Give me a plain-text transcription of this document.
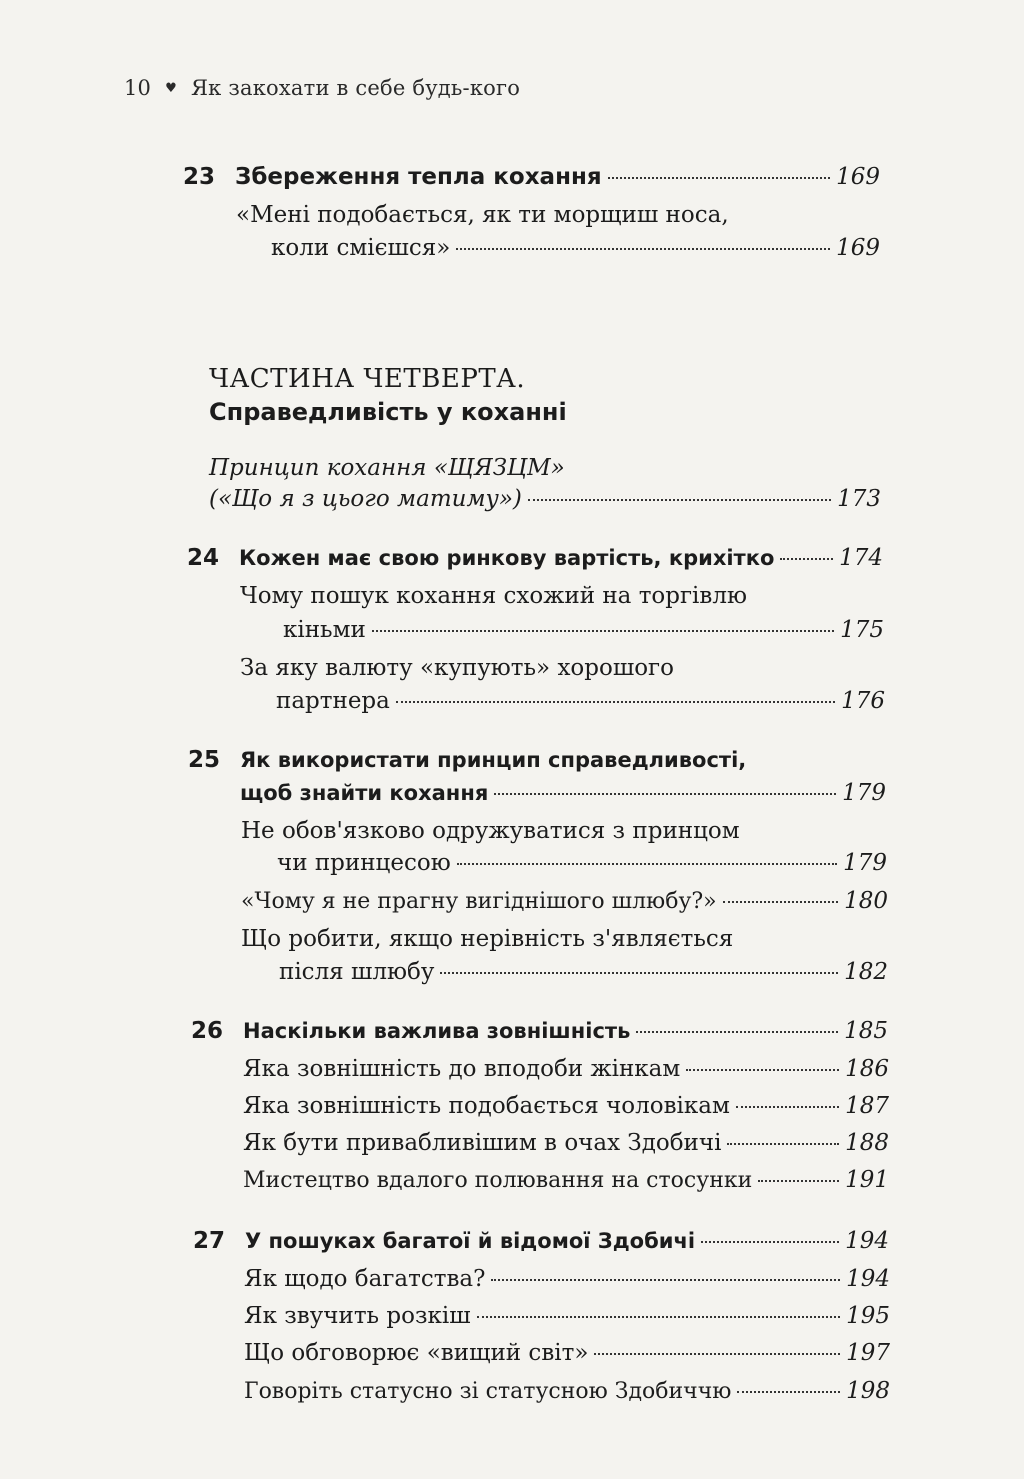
10 ♥ Як закохати в себе будь-кого
23 Збереження тепла кохання	169
«Мені подобається, як ти морщиш носа,
коли смієшся»	169
ЧАСТИНА ЧЕТВЕРТА.
Справедливість у коханні
Принцип кохання «ЩЯЗЦМ»
(«Що я з цього матиму»)	173
24 Кожен має свою ринкову вартість, крихітко	174
Чому пошук кохання схожий на торгівлю
кіньми	175
За яку валюту «купують» хорошого
партнера	176
25 Як використати принцип справедливості,
щоб знайти кохання	179
Не обов'язково одружуватися з принцом
чи принцесою	179
«Чому я не прагну вигіднішого шлюбу?»	180
Що робити, якщо нерівність з'являється
після шлюбу	182
26 Наскільки важлива зовнішність	185
Яка зовнішність до вподоби жінкам	186
Яка зовнішність подобається чоловікам	187
Як бути привабливішим в очах Здобичі	188
Мистецтво вдалого полювання на стосунки	191
27 У пошуках багатої й відомої Здобичі	194
Як щодо багатства?	194
Як звучить розкіш	195
Що обговорює «вищий світ»	197
Говоріть статусно зі статусною Здобиччю	198
